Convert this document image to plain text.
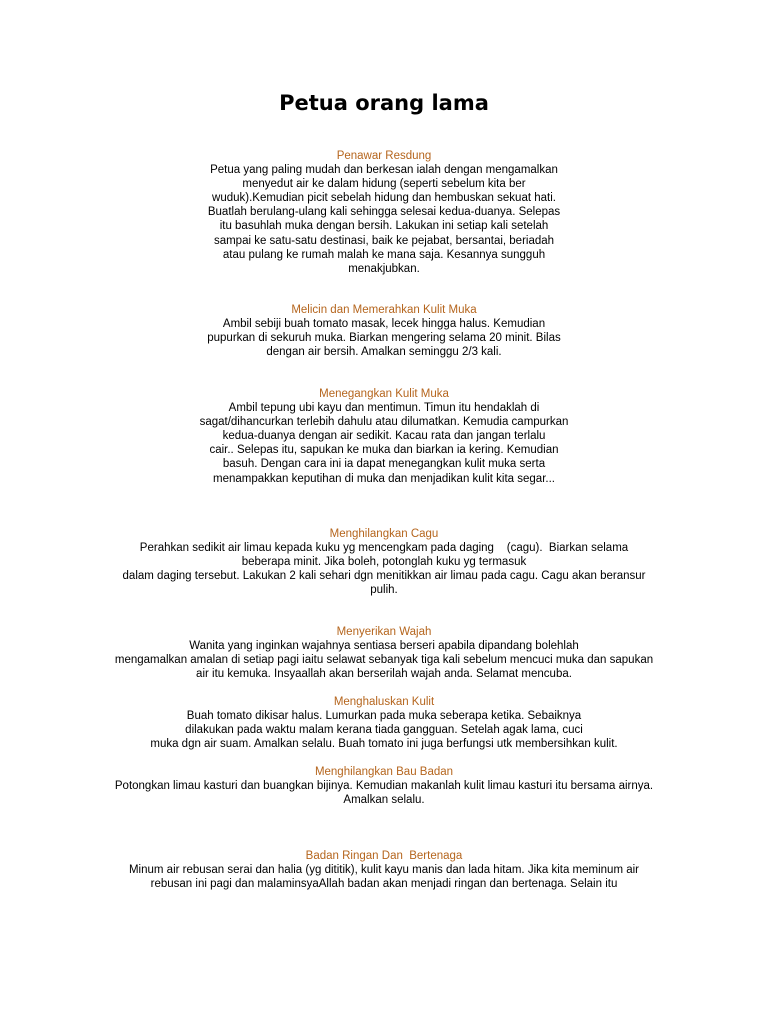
Petua orang lama

Penawar Resdung

Petua yang paling mudah dan berkesan ialah dengan mengamalkan

menyedut air ke dalam hidung (seperti sebelum kita ber

wuduk).Kemudian picit sebelah hidung dan hembuskan sekuat hati.

Buatlah berulang-ulang kali sehingga selesai kedua-duanya. Selepas

itu basuhlah muka dengan bersih. Lakukan ini setiap kali setelah

sampai ke satu-satu destinasi, baik ke pejabat, bersantai, beriadah

atau pulang ke rumah malah ke mana saja. Kesannya sungguh

menakjubkan.

Melicin dan Memerahkan Kulit Muka

Ambil sebiji buah tomato masak, lecek hingga halus. Kemudian

pupurkan di sekuruh muka. Biarkan mengering selama 20 minit. Bilas

dengan air bersih. Amalkan seminggu 2/3 kali.

Menegangkan Kulit Muka

Ambil tepung ubi kayu dan mentimun. Timun itu hendaklah di

sagat/dihancurkan terlebih dahulu atau dilumatkan. Kemudia campurkan

kedua-duanya dengan air sedikit. Kacau rata dan jangan terlalu

cair.. Selepas itu, sapukan ke muka dan biarkan ia kering. Kemudian

basuh. Dengan cara ini ia dapat menegangkan kulit muka serta

menampakkan keputihan di muka dan menjadikan kulit kita segar...

Menghilangkan Cagu

Perahkan sedikit air limau kepada kuku yg mencengkam pada daging    (cagu).  Biarkan selama

beberapa minit. Jika boleh, potonglah kuku yg termasuk

dalam daging tersebut. Lakukan 2 kali sehari dgn menitikkan air limau pada cagu. Cagu akan beransur

pulih.

Menyerikan Wajah

Wanita yang inginkan wajahnya sentiasa berseri apabila dipandang bolehlah

mengamalkan amalan di setiap pagi iaitu selawat sebanyak tiga kali sebelum mencuci muka dan sapukan

air itu kemuka. Insyaallah akan berserilah wajah anda. Selamat mencuba.

Menghaluskan Kulit

Buah tomato dikisar halus. Lumurkan pada muka seberapa ketika. Sebaiknya

dilakukan pada waktu malam kerana tiada gangguan. Setelah agak lama, cuci

muka dgn air suam. Amalkan selalu. Buah tomato ini juga berfungsi utk membersihkan kulit.

Menghilangkan Bau Badan

Potongkan limau kasturi dan buangkan bijinya. Kemudian makanlah kulit limau kasturi itu bersama airnya.

Amalkan selalu.

Badan Ringan Dan  Bertenaga

Minum air rebusan serai dan halia (yg dititik), kulit kayu manis dan lada hitam. Jika kita meminum air

rebusan ini pagi dan malaminsyaAllah badan akan menjadi ringan dan bertenaga. Selain itu
